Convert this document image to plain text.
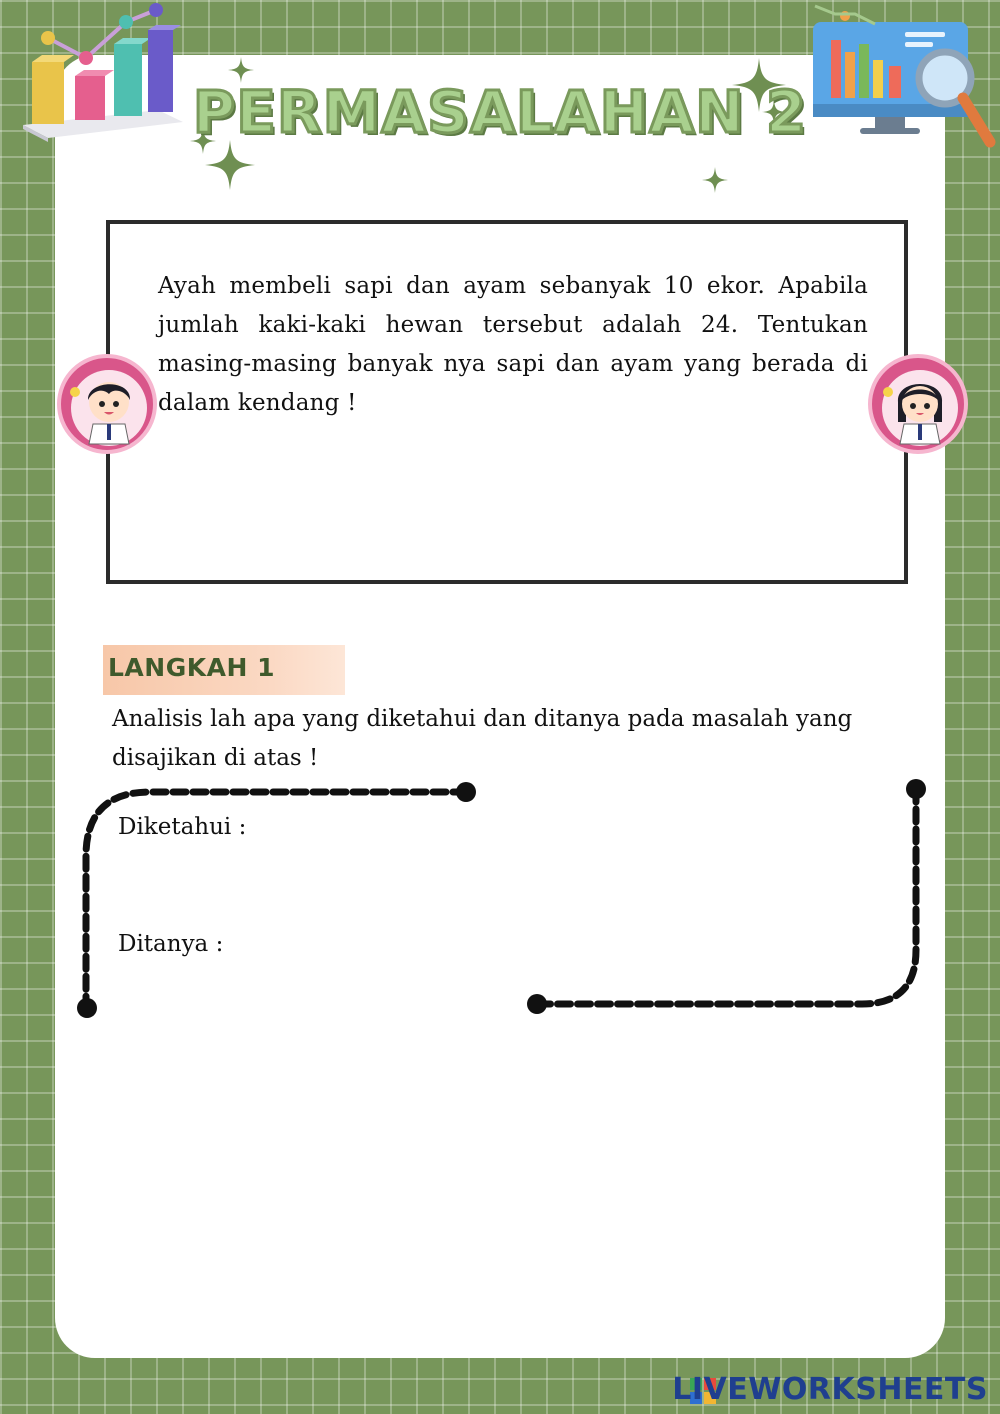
PERMASALAHAN 2
Ayah membeli sapi dan ayam sebanyak 10 ekor. Apabila jumlah kaki-kaki hewan tersebut adalah 24. Tentukan masing-masing banyak nya sapi dan ayam yang berada di dalam kendang !
LANGKAH 1
Analisis lah apa yang diketahui dan ditanya pada masalah yang disajikan di atas !
Diketahui :
Ditanya :
LIVEWORKSHEETS
